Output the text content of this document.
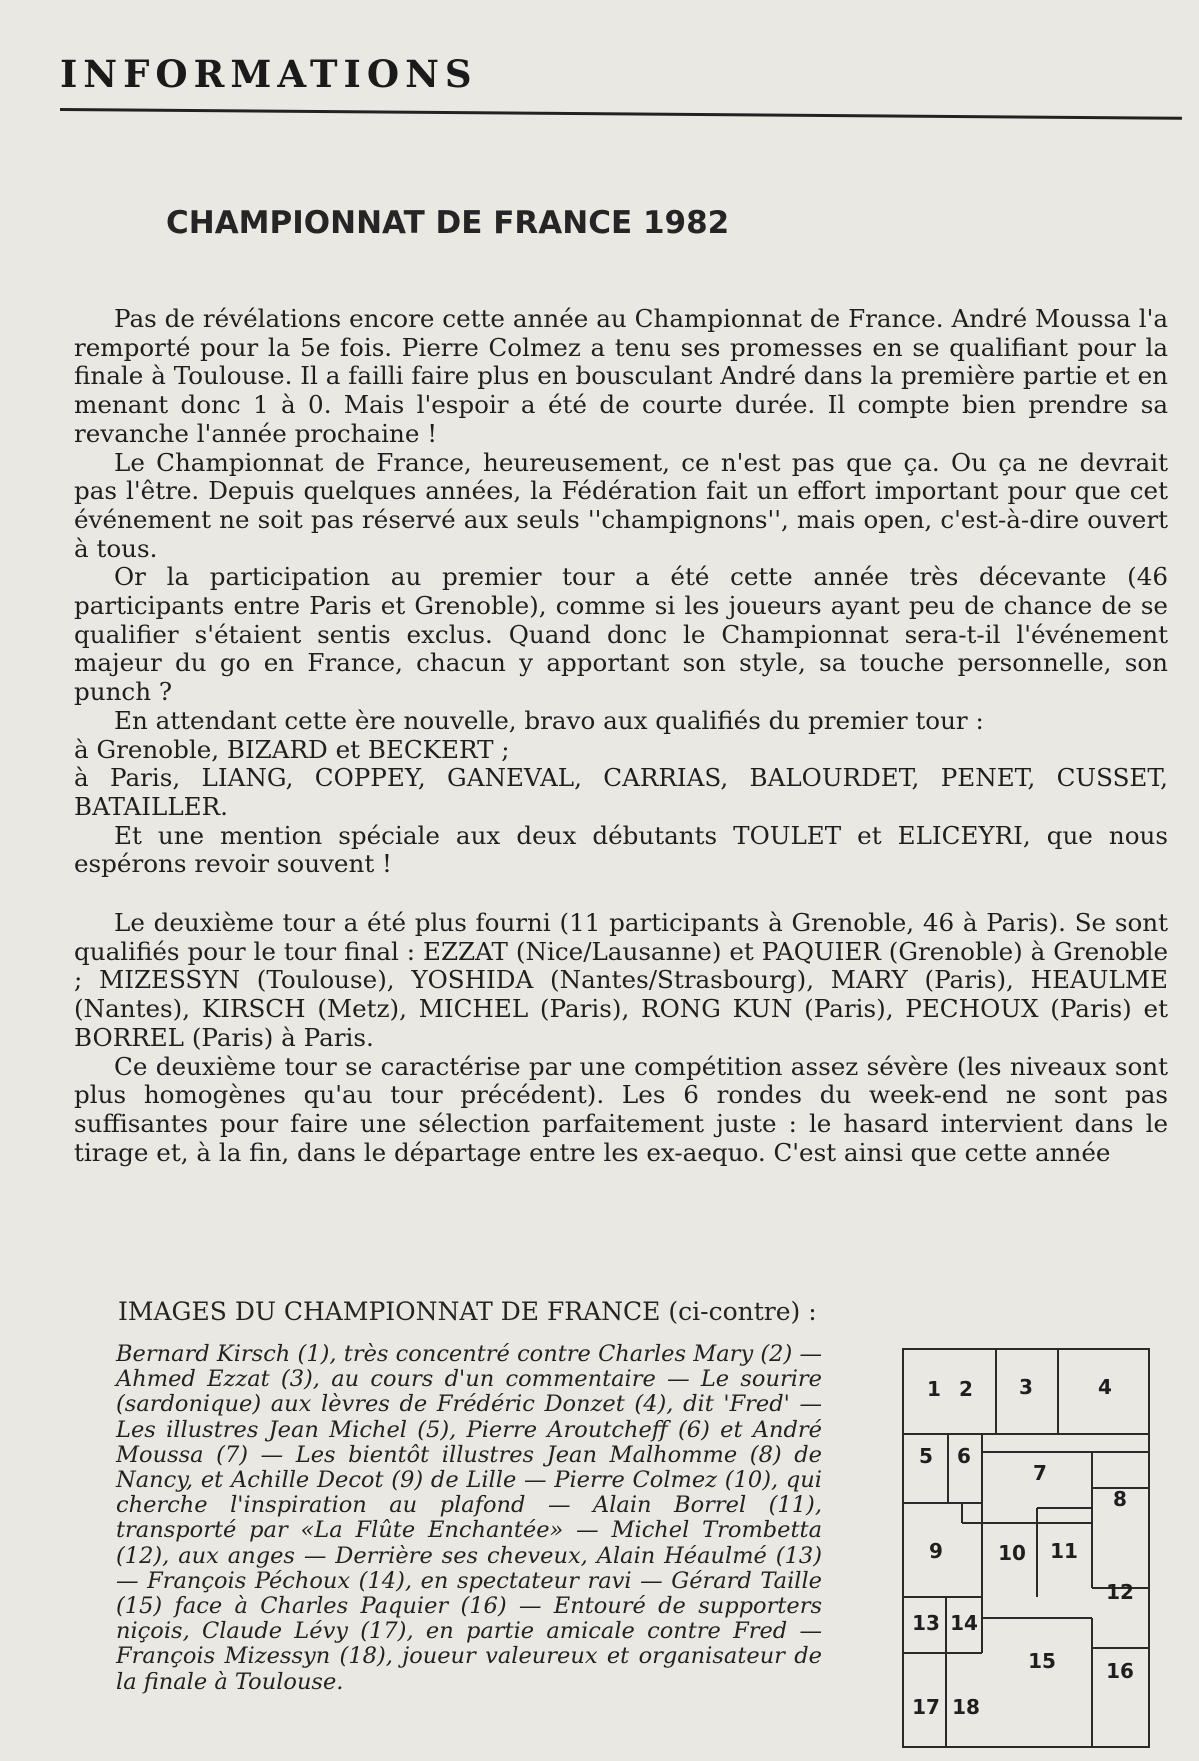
INFORMATIONS
CHAMPIONNAT DE FRANCE 1982

Pas de révélations encore cette année au Championnat de France. André Moussa l'a remporté pour la 5e fois. Pierre Colmez a tenu ses promesses en se qualifiant pour la finale à Toulouse. Il a failli faire plus en bousculant André dans la première partie et en menant donc 1 à 0. Mais l'espoir a été de courte durée. Il compte bien prendre sa revanche l'année prochaine !

Le Championnat de France, heureusement, ce n'est pas que ça. Ou ça ne devrait pas l'être. Depuis quelques années, la Fédération fait un effort important pour que cet événement ne soit pas réservé aux seuls ''champignons'', mais open, c'est-à-dire ouvert à tous.

Or la participation au premier tour a été cette année très décevante (46 participants entre Paris et Grenoble), comme si les joueurs ayant peu de chance de se qualifier s'étaient sentis exclus. Quand donc le Championnat sera-t-il l'événement majeur du go en France, chacun y apportant son style, sa touche personnelle, son punch ?

En attendant cette ère nouvelle, bravo aux qualifiés du premier tour :

à Grenoble, BIZARD et BECKERT ;

à Paris, LIANG, COPPEY, GANEVAL, CARRIAS, BALOURDET, PENET, CUSSET, BATAILLER.

Et une mention spéciale aux deux débutants TOULET et ELICEYRI, que nous espérons revoir souvent !

Le deuxième tour a été plus fourni (11 participants à Grenoble, 46 à Paris). Se sont qualifiés pour le tour final : EZZAT (Nice/Lausanne) et PAQUIER (Grenoble) à Grenoble ; MIZESSYN (Toulouse), YOSHIDA (Nantes/Strasbourg), MARY (Paris), HEAULME (Nantes), KIRSCH (Metz), MICHEL (Paris), RONG KUN (Paris), PECHOUX (Paris) et BORREL (Paris) à Paris.

Ce deuxième tour se caractérise par une compétition assez sévère (les niveaux sont plus homogènes qu'au tour précédent). Les 6 rondes du week-end ne sont pas suffisantes pour faire une sélection parfaitement juste : le hasard intervient dans le tirage et, à la fin, dans le départage entre les ex-aequo. C'est ainsi que cette année

IMAGES DU CHAMPIONNAT DE FRANCE (ci-contre) :
Bernard Kirsch (1), très concentré contre Charles Mary (2) — Ahmed Ezzat (3), au cours d'un commentaire — Le sourire (sardonique) aux lèvres de Frédéric Donzet (4), dit 'Fred' — Les illustres Jean Michel (5), Pierre Aroutcheff (6) et André Moussa (7) — Les bientôt illustres Jean Malhomme (8) de Nancy, et Achille Decot (9) de Lille — Pierre Colmez (10), qui cherche l'inspiration au plafond — Alain Borrel (11), transporté par «La Flûte Enchantée» — Michel Trombetta (12), aux anges — Derrière ses cheveux, Alain Héaulmé (13) — François Péchoux (14), en spectateur ravi — Gérard Taille (15) face à Charles Paquier (16) — Entouré de supporters niçois, Claude Lévy (17), en partie amicale contre Fred — François Mizessyn (18), joueur valeureux et organisateur de la finale à Toulouse.
1 2 3	4
5 6
7
8
9	10 11
12
13 14
15	16
17 18
